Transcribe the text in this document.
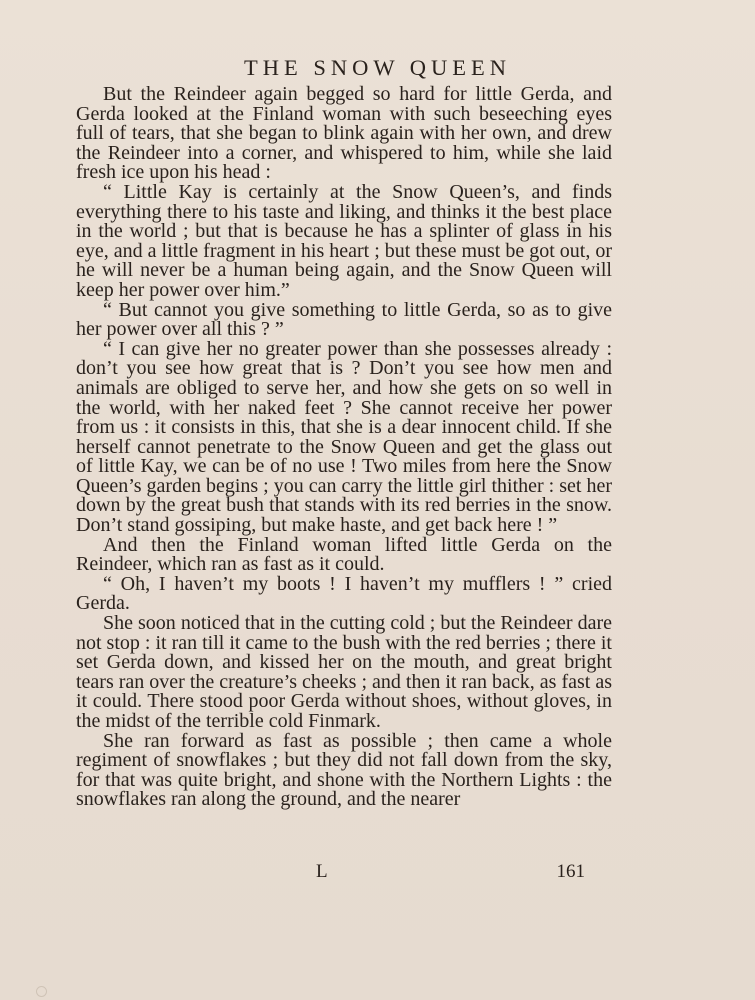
THE SNOW QUEEN

But the Reindeer again begged so hard for little Gerda, and Gerda looked at the Finland woman with such beseeching eyes full of tears, that she began to blink again with her own, and drew the Reindeer into a corner, and whispered to him, while she laid fresh ice upon his head :

“ Little Kay is certainly at the Snow Queen’s, and finds everything there to his taste and liking, and thinks it the best place in the world ; but that is because he has a splinter of glass in his eye, and a little fragment in his heart ; but these must be got out, or he will never be a human being again, and the Snow Queen will keep her power over him.”

“ But cannot you give something to little Gerda, so as to give her power over all this ? ”

“ I can give her no greater power than she possesses already : don’t you see how great that is ? Don’t you see how men and animals are obliged to serve her, and how she gets on so well in the world, with her naked feet ? She cannot receive her power from us : it consists in this, that she is a dear innocent child. If she herself cannot penetrate to the Snow Queen and get the glass out of little Kay, we can be of no use ! Two miles from here the Snow Queen’s garden begins ; you can carry the little girl thither : set her down by the great bush that stands with its red berries in the snow. Don’t stand gossiping, but make haste, and get back here ! ”

And then the Finland woman lifted little Gerda on the Reindeer, which ran as fast as it could.

“ Oh, I haven’t my boots ! I haven’t my mufflers ! ” cried Gerda.

She soon noticed that in the cutting cold ; but the Reindeer dare not stop : it ran till it came to the bush with the red berries ; there it set Gerda down, and kissed her on the mouth, and great bright tears ran over the creature’s cheeks ; and then it ran back, as fast as it could. There stood poor Gerda without shoes, without gloves, in the midst of the terrible cold Finmark.

She ran forward as fast as possible ; then came a whole regiment of snowflakes ; but they did not fall down from the sky, for that was quite bright, and shone with the Northern Lights : the snowflakes ran along the ground, and the nearer

L	161
